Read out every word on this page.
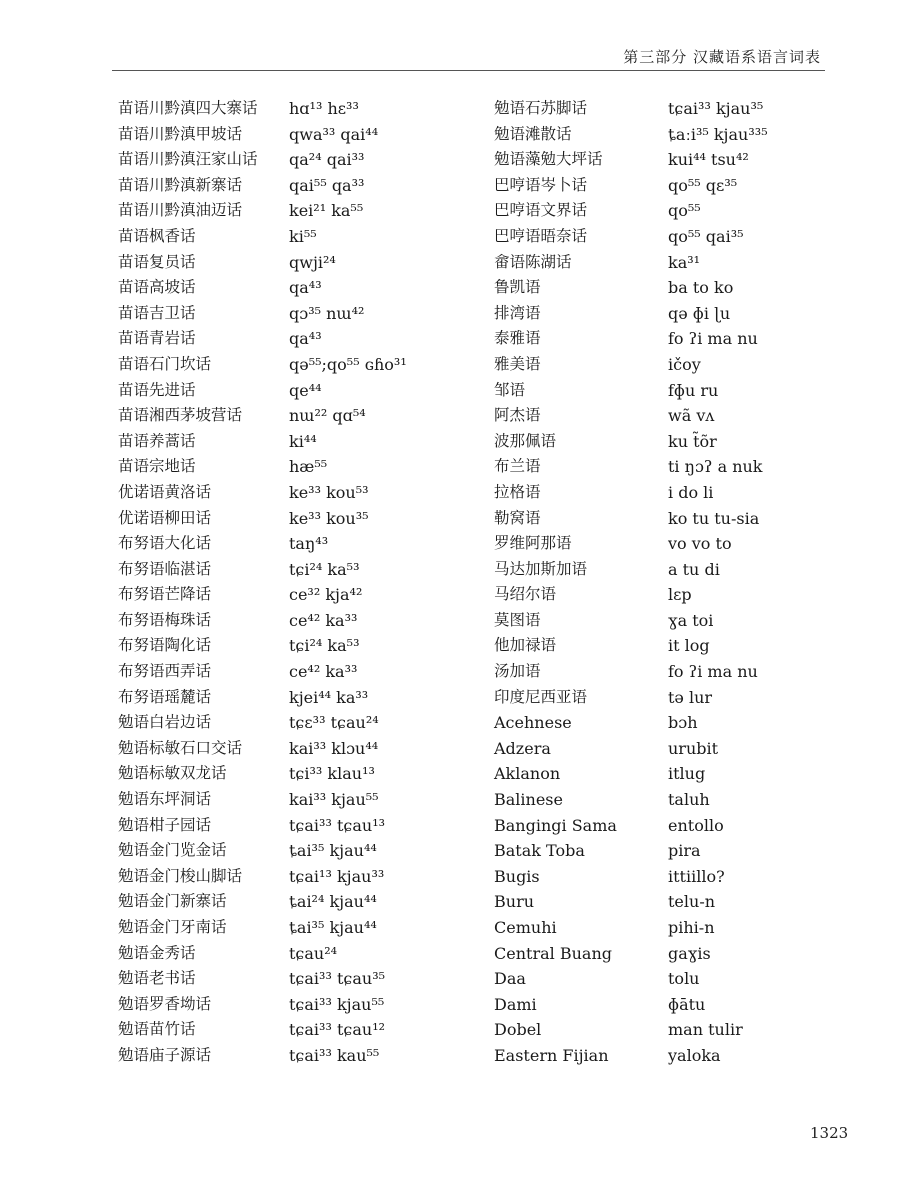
第三部分 汉藏语系语言词表
苗语川黔滇四大寨话 hɑ¹³ hɛ³³	勉语石苏脚话	tɕai³³ kjau³⁵
苗语川黔滇甲坡话	qwa³³ qai⁴⁴	勉语滩散话	ȶaːi³⁵ kjau³³⁵
苗语川黔滇汪家山话 qa²⁴ qai³³	勉语藻勉大坪话	kui⁴⁴ tsu⁴²
苗语川黔滇新寨话	qai⁵⁵ qa³³	巴哼语岑卜话	qo⁵⁵ qɛ³⁵
苗语川黔滇油迈话	kei²¹ ka⁵⁵	巴哼语文界话	qo⁵⁵
苗语枫香话	ki⁵⁵	巴哼语晤奈话	qo⁵⁵ qai³⁵
苗语复员话	qwji²⁴	畲语陈湖话	ka³¹
苗语高坡话	qa⁴³	鲁凯语	ba to ko
苗语吉卫话	qɔ³⁵ nɯ⁴²	排湾语	qə ɸi ɭu
苗语青岩话	qa⁴³	泰雅语	fo ʔi ma nu
苗语石门坎话	qə⁵⁵;qo⁵⁵ ɢɦo³¹	雅美语	ičoy
苗语先进话	qe⁴⁴	邹语	fɸu ru
苗语湘西茅坡营话	nɯ²² qɑ⁵⁴	阿杰语	wã vʌ
苗语养蒿话	ki⁴⁴	波那佩语	ku t̃õr
苗语宗地话	hæ⁵⁵	布兰语	ti ŋɔʔ a nuk
优诺语黄洛话	ke³³ kou⁵³	拉格语	i do li
优诺语柳田话	ke³³ kou³⁵	勒窝语	ko tu tu-sia
布努语大化话	taŋ⁴³	罗维阿那语	vo vo to
布努语临湛话	tɕi²⁴ ka⁵³	马达加斯加语	a tu di
布努语芒降话	ce³² kja⁴²	马绍尔语	lɛp
布努语梅珠话	ce⁴² ka³³	莫图语	ɣa toi
布努语陶化话	tɕi²⁴ ka⁵³	他加禄语	it log
布努语西弄话	ce⁴² ka³³	汤加语	fo ʔi ma nu
布努语瑶麓话	kjei⁴⁴ ka³³	印度尼西亚语	tə lur
勉语白岩边话	tɕɛ³³ tɕau²⁴	Acehnese	bɔh
勉语标敏石口交话	kai³³ klɔu⁴⁴	Adzera	urubit
勉语标敏双龙话	tɕi³³ klau¹³	Aklanon	itlug
勉语东坪洞话	kai³³ kjau⁵⁵	Balinese	taluh
勉语柑子园话	tɕai³³ tɕau¹³	Bangingi Sama	entollo
勉语金门览金话	ȶai³⁵ kjau⁴⁴	Batak Toba	pira
勉语金门梭山脚话	tɕai¹³ kjau³³	Bugis	ittiillo?
勉语金门新寨话	ȶai²⁴ kjau⁴⁴	Buru	telu-n
勉语金门牙南话	ȶai³⁵ kjau⁴⁴	Cemuhi	pihi-n
勉语金秀话	tɕau²⁴	Central Buang	gaɣis
勉语老书话	tɕai³³ tɕau³⁵	Daa	tolu
勉语罗香坳话	tɕai³³ kjau⁵⁵	Dami	ɸātu
勉语苗竹话	tɕai³³ tɕau¹²	Dobel	man tulir
勉语庙子源话	tɕai³³ kau⁵⁵	Eastern Fijian	yaloka
1323
